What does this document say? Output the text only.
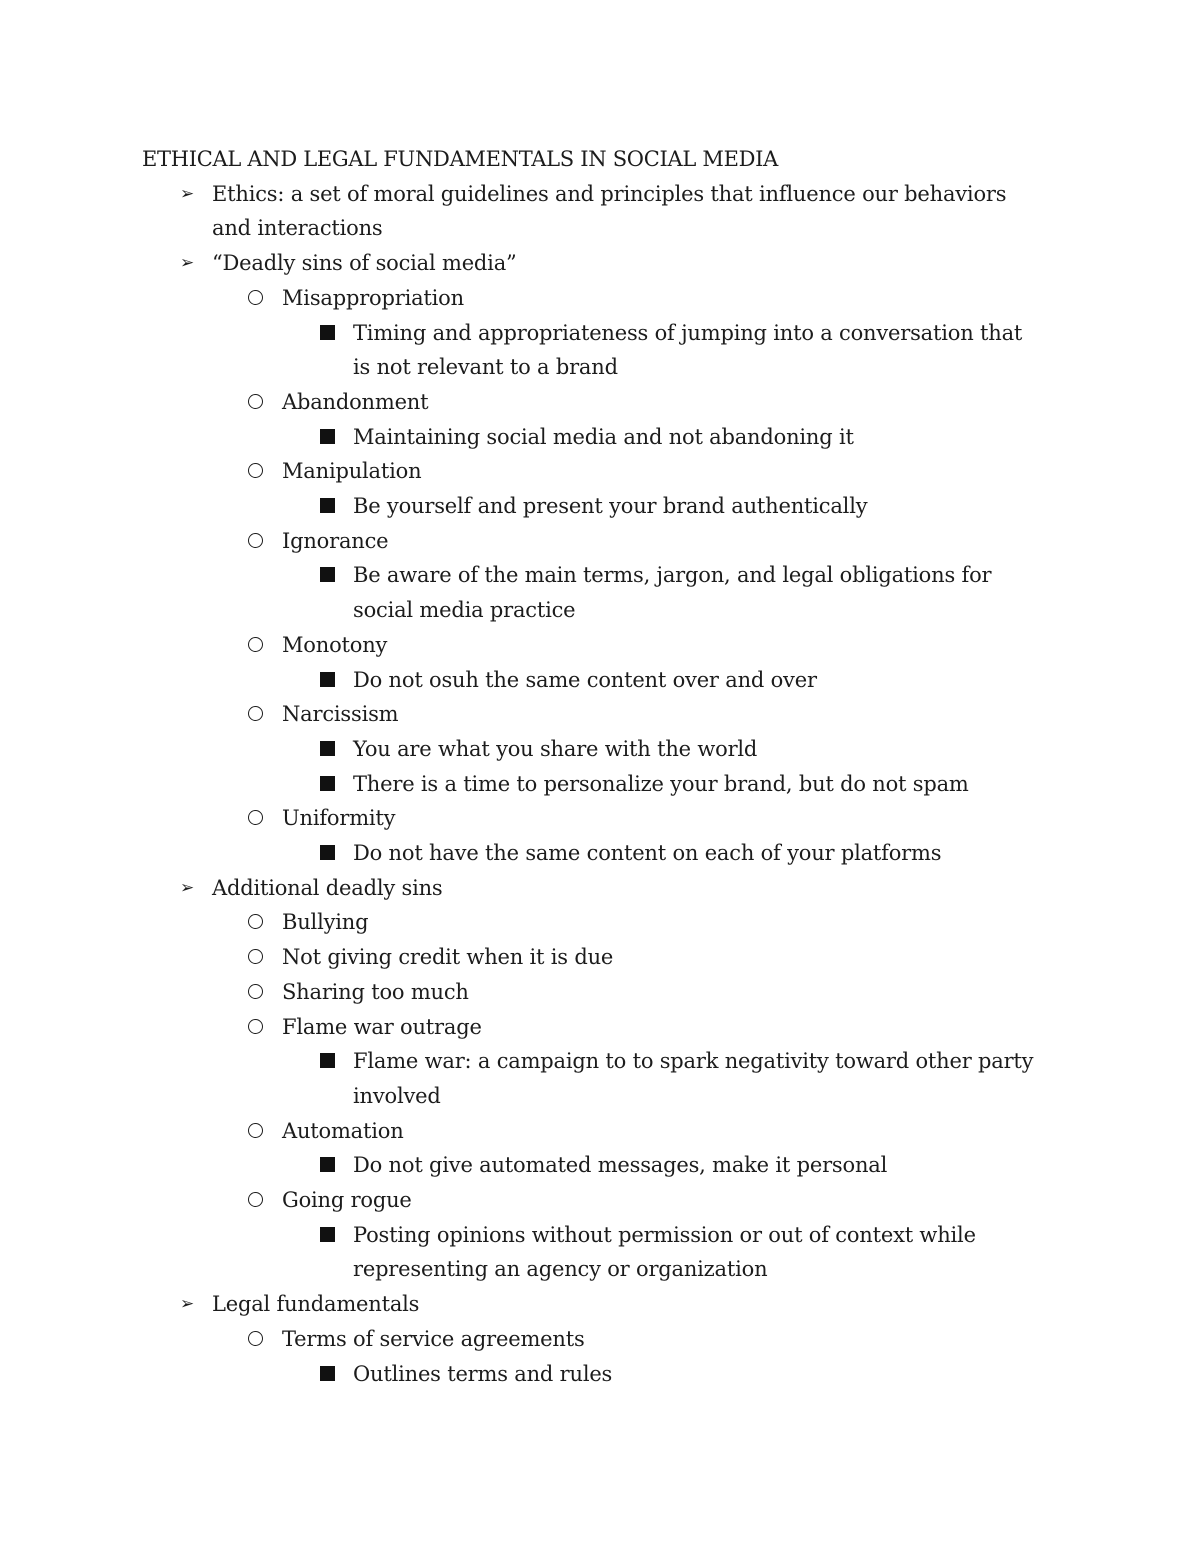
ETHICAL AND LEGAL FUNDAMENTALS IN SOCIAL MEDIA
➢ Ethics: a set of moral guidelines and principles that influence our behaviors
and interactions
➢ “Deadly sins of social media”
Misappropriation
Timing and appropriateness of jumping into a conversation that
is not relevant to a brand
Abandonment
Maintaining social media and not abandoning it
Manipulation
Be yourself and present your brand authentically
Ignorance
Be aware of the main terms, jargon, and legal obligations for
social media practice
Monotony
Do not osuh the same content over and over
Narcissism
You are what you share with the world
There is a time to personalize your brand, but do not spam
Uniformity
Do not have the same content on each of your platforms
➢ Additional deadly sins
Bullying
Not giving credit when it is due
Sharing too much
Flame war outrage
Flame war: a campaign to to spark negativity toward other party
involved
Automation
Do not give automated messages, make it personal
Going rogue
Posting opinions without permission or out of context while
representing an agency or organization
➢ Legal fundamentals
Terms of service agreements
Outlines terms and rules
